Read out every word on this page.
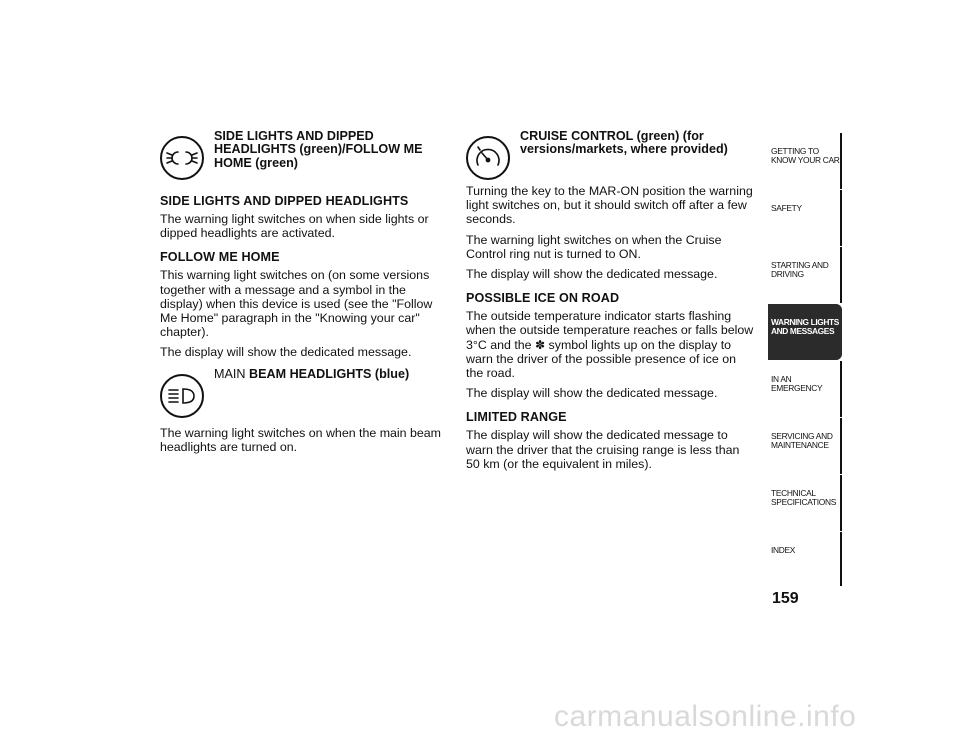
SIDE LIGHTS AND DIPPED HEADLIGHTS (green)/FOLLOW ME HOME (green)
SIDE LIGHTS AND DIPPED HEADLIGHTS

The warning light switches on when side lights or dipped headlights are activated.

FOLLOW ME HOME

This warning light switches on (on some versions together with a message and a symbol in the display) when this device is used (see the "Follow Me Home" paragraph in the "Knowing your car" chapter).

The display will show the dedicated message.

MAIN BEAM HEADLIGHTS (blue)

The warning light switches on when the main beam headlights are turned on.

CRUISE CONTROL (green) (for versions/markets, where provided)

Turning the key to the MAR-ON position the warning light switches on, but it should switch off after a few seconds.

The warning light switches on when the Cruise Control ring nut is turned to ON.

The display will show the dedicated message.

POSSIBLE ICE ON ROAD

The outside temperature indicator starts flashing when the outside temperature reaches or falls below 3°C and the ✽ symbol lights up on the display to warn the driver of the possible presence of ice on the road.

The display will show the dedicated message.

LIMITED RANGE

The display will show the dedicated message to warn the driver that the cruising range is less than 50 km (or the equivalent in miles).

GETTING TO KNOW YOUR CAR
SAFETY
STARTING AND DRIVING
WARNING LIGHTS AND MESSAGES
IN AN EMERGENCY
SERVICING AND MAINTENANCE
TECHNICAL SPECIFICATIONS
INDEX
159
carmanualsonline.info
